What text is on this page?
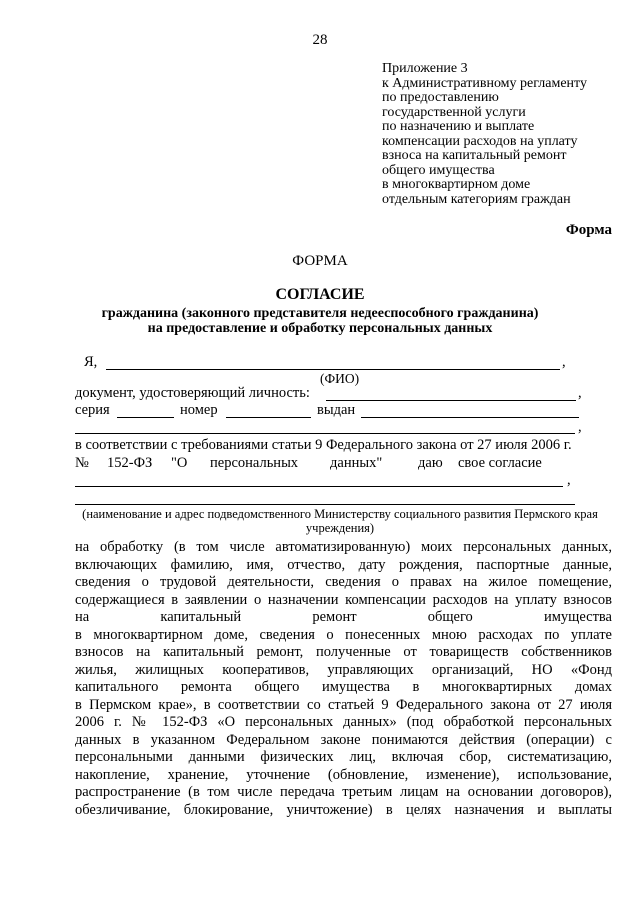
28
Приложение 3
к Административному регламенту
по предоставлению
государственной услуги
по назначению и выплате
компенсации расходов на уплату
взноса на капитальный ремонт
общего имущества
в многоквартирном доме
отдельным категориям граждан
Форма
ФОРМА
СОГЛАСИЕ
гражданина (законного представителя недееспособного гражданина)
на предоставление и обработку персональных данных
Я,	,
(ФИО)
документ, удостоверяющий личность:	,
серия	номер	выдан
,
в соответствии с требованиями статьи 9 Федерального закона от 27 июля 2006 г.
№ 152-ФЗ "О персональных данных" даю свое согласие
,
(наименование и адрес подведомственного Министерству социального развития Пермского края учреждения)
на обработку (в том числе автоматизированную) моих персональных данных,
включающих фамилию, имя, отчество, дату рождения, паспортные данные,
сведения о трудовой деятельности, сведения о правах на жилое помещение,
содержащиеся в заявлении о назначении компенсации расходов на уплату взносов
на капитальный ремонт общего имущества
в многоквартирном доме, сведения о понесенных мною расходах по уплате
взносов на капитальный ремонт, полученные от товариществ собственников
жилья, жилищных кооперативов, управляющих организаций, НО «Фонд
капитального ремонта общего имущества в многоквартирных домах
в Пермском крае», в соответствии со статьей 9 Федерального закона от 27 июля
2006 г. № 152-ФЗ «О персональных данных» (под обработкой персональных
данных в указанном Федеральном законе понимаются действия (операции) с
персональными данными физических лиц, включая сбор, систематизацию,
накопление, хранение, уточнение (обновление, изменение), использование,
распространение (в том числе передача третьим лицам на основании договоров),
обезличивание, блокирование, уничтожение) в целях назначения и выплаты
